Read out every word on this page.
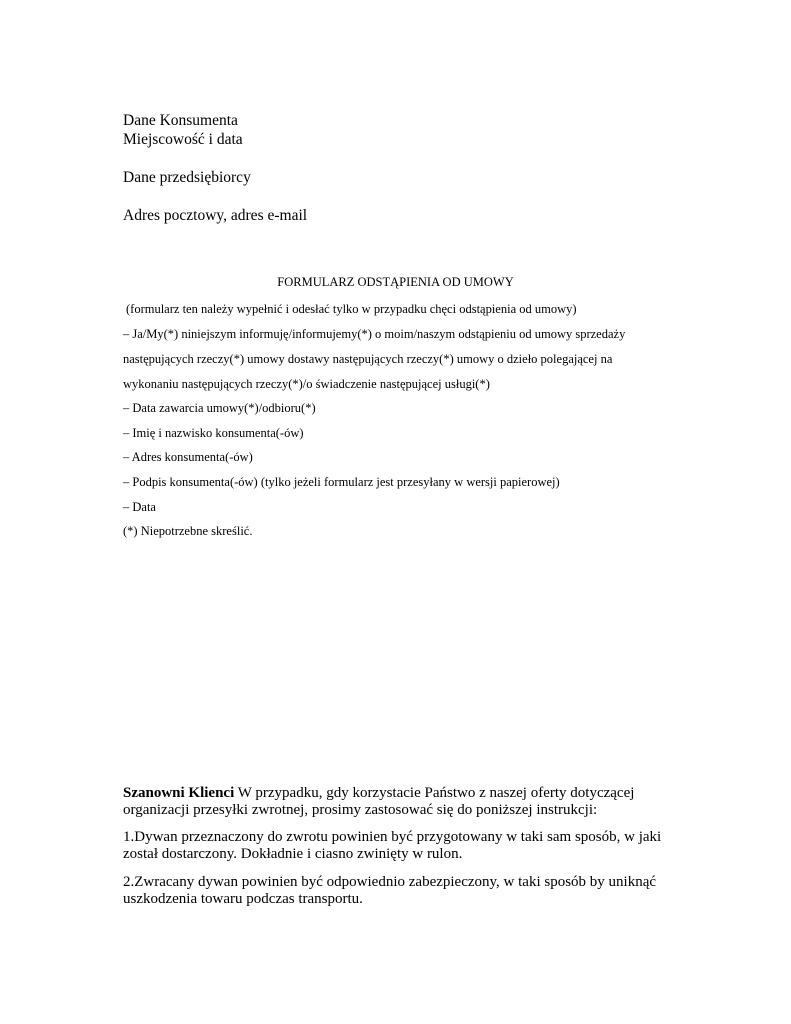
Dane Konsumenta
Miejscowość i data
Dane przedsiębiorcy
Adres pocztowy, adres e-mail
FORMULARZ ODSTĄPIENIA OD UMOWY
(formularz ten należy wypełnić i odesłać tylko w przypadku chęci odstąpienia od umowy)
– Ja/My(*) niniejszym informuję/informujemy(*) o moim/naszym odstąpieniu od umowy sprzedaży
następujących rzeczy(*) umowy dostawy następujących rzeczy(*) umowy o dzieło polegającej na
wykonaniu następujących rzeczy(*)/o świadczenie następującej usługi(*)
– Data zawarcia umowy(*)/odbioru(*)
– Imię i nazwisko konsumenta(-ów)
– Adres konsumenta(-ów)
– Podpis konsumenta(-ów) (tylko jeżeli formularz jest przesyłany w wersji papierowej)
– Data
(*) Niepotrzebne skreślić.
Szanowni Klienci W przypadku, gdy korzystacie Państwo z naszej oferty dotyczącej organizacji przesyłki zwrotnej, prosimy zastosować się do poniższej instrukcji:
1.Dywan przeznaczony do zwrotu powinien być przygotowany w taki sam sposób, w jaki został dostarczony. Dokładnie i ciasno zwinięty w rulon.
2.Zwracany dywan powinien być odpowiednio zabezpieczony, w taki sposób by uniknąć uszkodzenia towaru podczas transportu.
